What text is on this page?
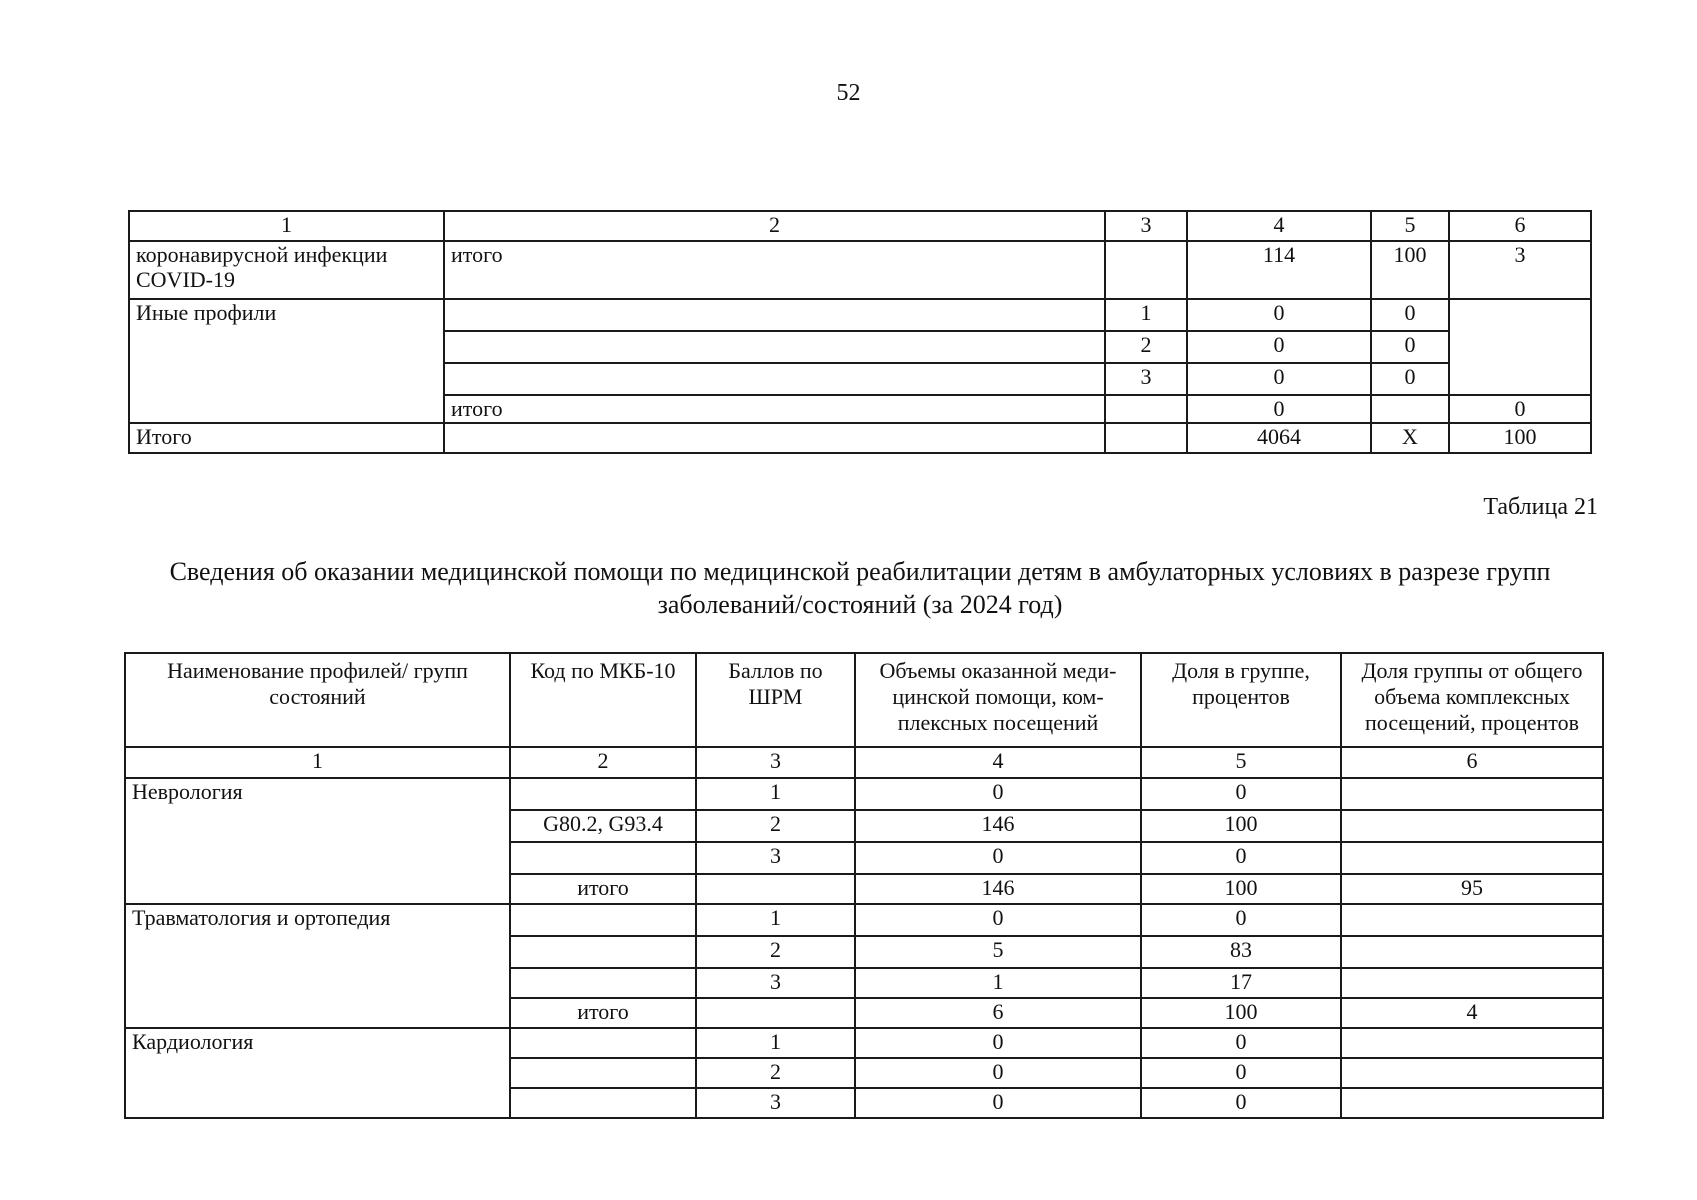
52
1	2	3	4	5	6
коронавирусной инфекции COVID-19	итого		114	100	3
Иные профили		1	0	0	
		2	0	0	
		3	0	0	
	итого		0		0
Итого			4064	X	100
Таблица 21
Сведения об оказании медицинской помощи по медицинской реабилитации детям в амбулаторных условиях в разрезе групп заболеваний/состояний (за 2024 год)
Наименование профилей/ групп состояний	Код по МКБ-10	Баллов по ШРМ	Объемы оказанной меди-цинской помощи, ком-плексных посещений	Доля в группе, процентов	Доля группы от общего объема комплексных посещений, процентов
1	2	3	4	5	6
Неврология		1	0	0	
	G80.2, G93.4	2	146	100	
		3	0	0	
	итого		146	100	95
Травматология и ортопедия		1	0	0	
		2	5	83	
		3	1	17	
	итого		6	100	4
Кардиология		1	0	0	
		2	0	0	
		3	0	0	
